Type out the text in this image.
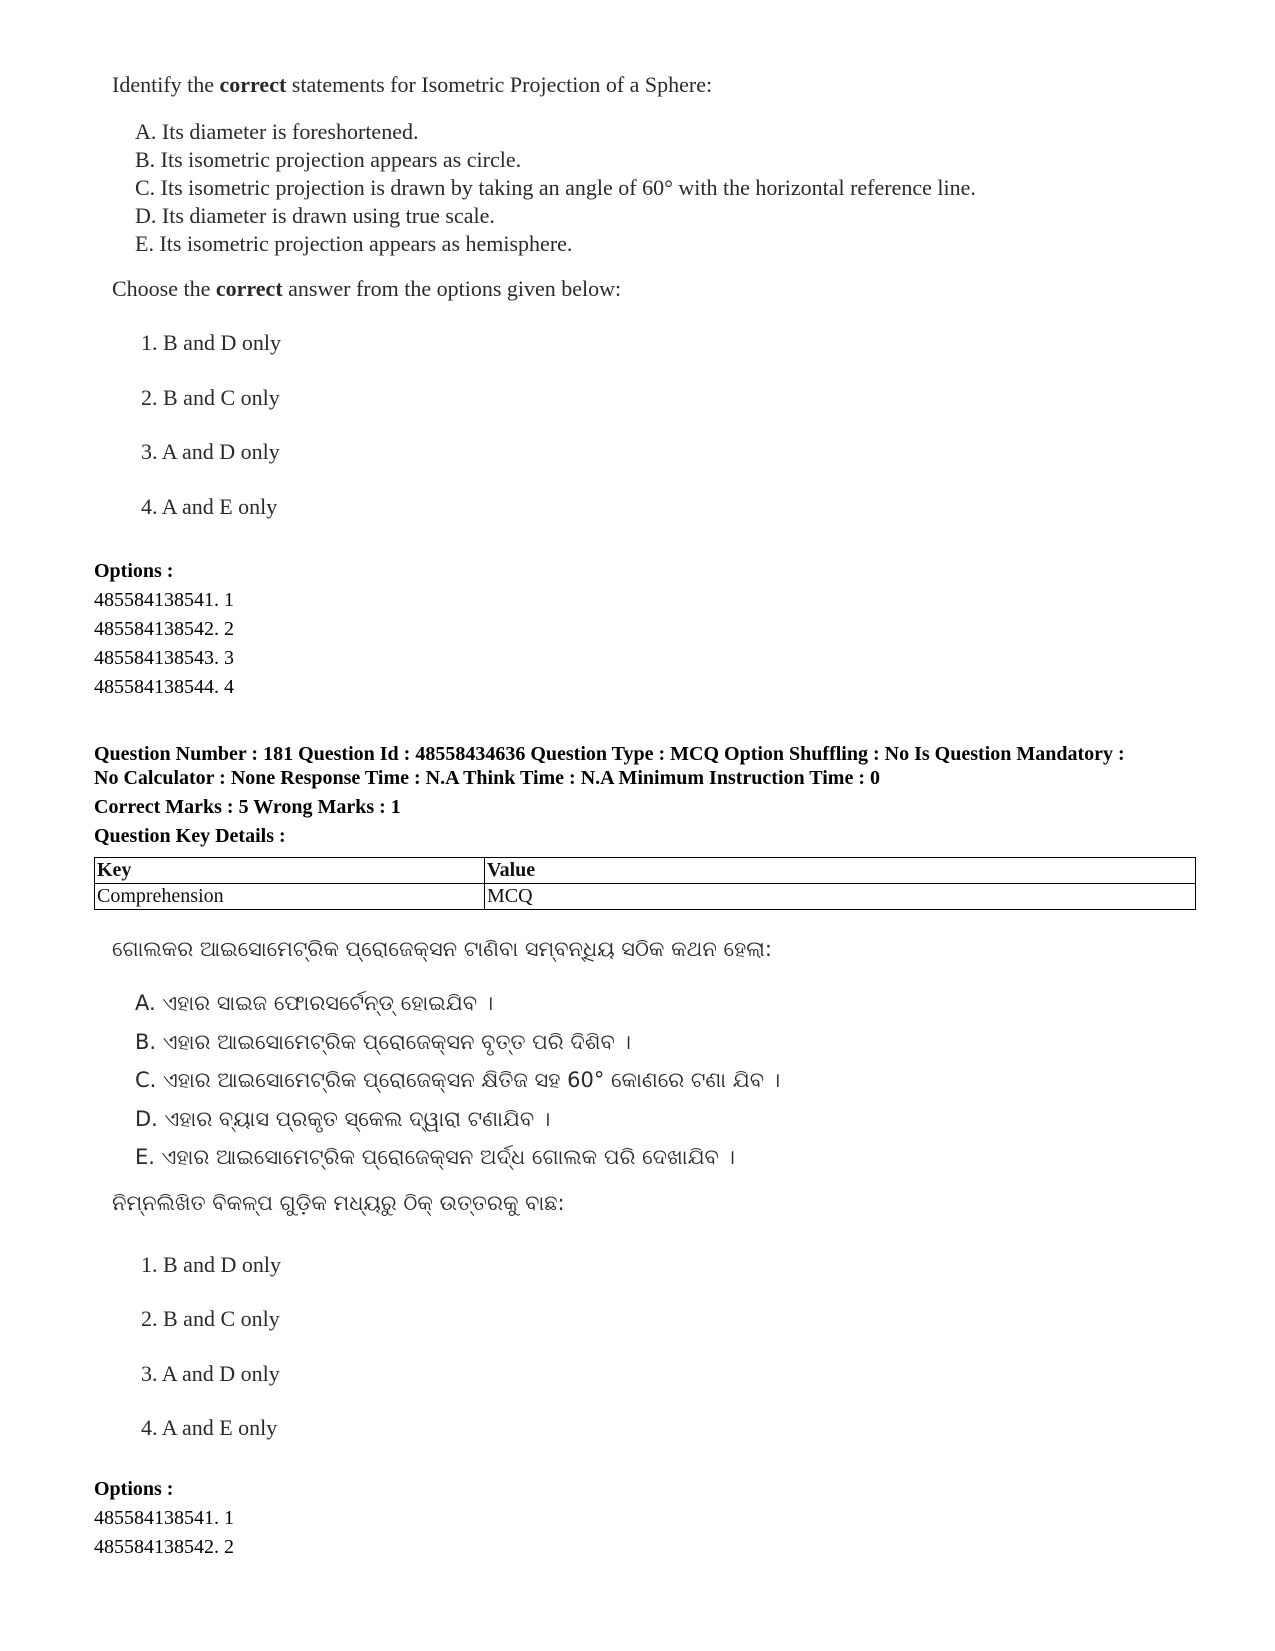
Identify the correct statements for Isometric Projection of a Sphere:
A. Its diameter is foreshortened.
B. Its isometric projection appears as circle.
C. Its isometric projection is drawn by taking an angle of 60° with the horizontal reference line.
D. Its diameter is drawn using true scale.
E. Its isometric projection appears as hemisphere.
Choose the correct answer from the options given below:
1. B and D only
2. B and C only
3. A and D only
4. A and E only
Options :
485584138541. 1
485584138542. 2
485584138543. 3
485584138544. 4
Question Number : 181 Question Id : 48558434636 Question Type : MCQ Option Shuffling : No Is Question Mandatory :
No Calculator : None Response Time : N.A Think Time : N.A Minimum Instruction Time : 0
Correct Marks : 5 Wrong Marks : 1
Question Key Details :
Key	Value
Comprehension	MCQ
ଗୋଲକର ଆଇସୋମେଟ୍ରିକ ପ୍ରୋଜେକ୍ସନ ଟାଣିବା ସମ୍ବନ୍ଧିୟ ସଠିକ କଥନ ହେଲା:
A. ଏହାର ସାଇଜ ଫୋରସର୍ଟେନ୍ଡ୍ ହୋଇଯିବ ।
B. ଏହାର ଆଇସୋମେଟ୍ରିକ ପ୍ରୋଜେକ୍ସନ ବୃତ୍ତ ପରି ଦିଶିବ ।
C. ଏହାର ଆଇସୋମେଟ୍ରିକ ପ୍ରୋଜେକ୍ସନ କ୍ଷିତିଜ ସହ 60° କୋଣରେ ଟଣା ଯିବ ।
D. ଏହାର ବ୍ୟାସ ପ୍ରକୃତ ସ୍କେଲ ଦ୍ୱାରା ଟଣାଯିବ ।
E. ଏହାର ଆଇସୋମେଟ୍ରିକ ପ୍ରୋଜେକ୍ସନ ଅର୍ଦ୍ଧ ଗୋଲକ ପରି ଦେଖାଯିବ ।
ନିମ୍ନଲିଖିତ ବିକଳ୍ପ ଗୁଡ଼ିକ ମଧ୍ୟରୁ ଠିକ୍ ଉତ୍ତରକୁ ବାଛ:
1. B and D only
2. B and C only
3. A and D only
4. A and E only
Options :
485584138541. 1
485584138542. 2
